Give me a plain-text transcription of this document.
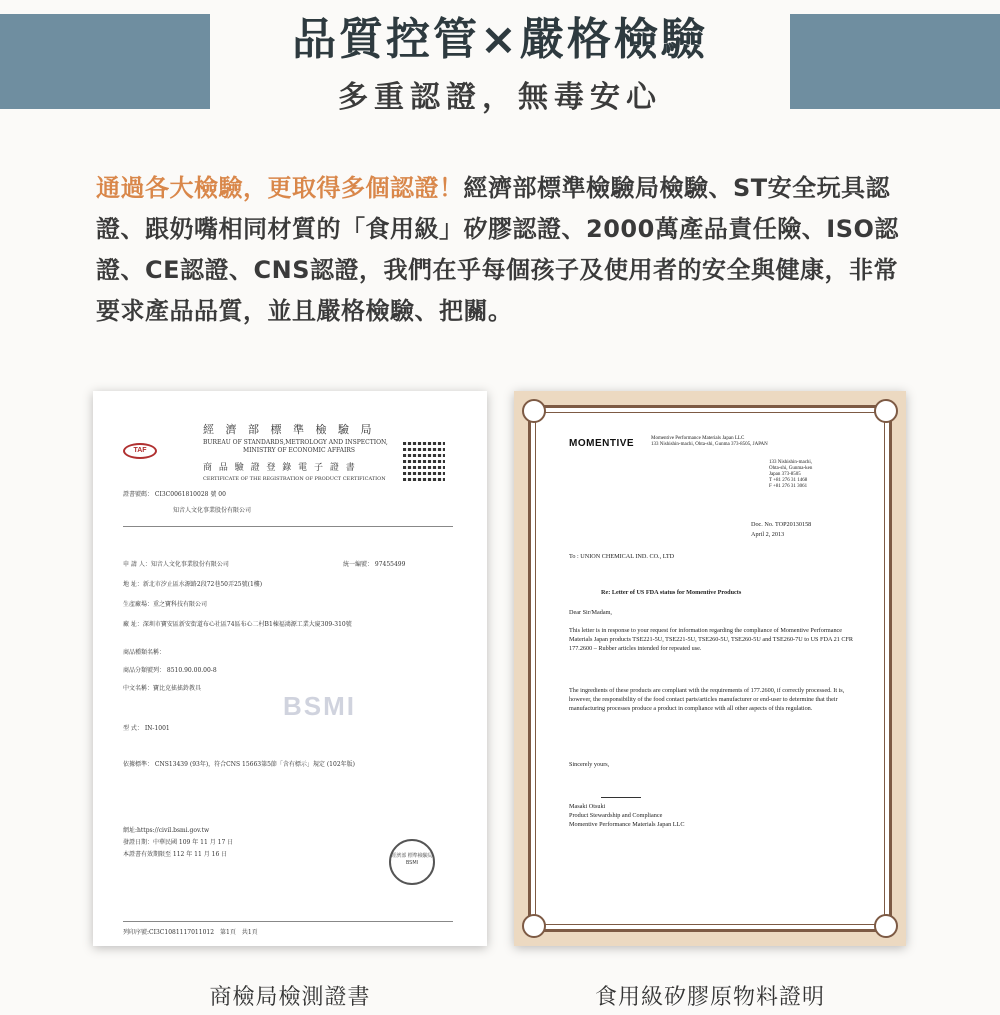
品質控管×嚴格檢驗
多重認證，無毒安心

通過各大檢驗，更取得多個認證！經濟部標準檢驗局檢驗、ST安全玩具認證、跟奶嘴相同材質的「食用級」矽膠認證、2000萬產品責任險、ISO認證、CE認證、CNS認證，我們在乎每個孩子及使用者的安全與健康，非常要求產品品質，並且嚴格檢驗、把關。

經 濟 部 標 準 檢 驗 局
BUREAU OF STANDARDS,METROLOGY AND INSPECTION,
MINISTRY OF ECONOMIC AFFAIRS
TAF
商 品 驗 證 登 錄 電 子 證 書
CERTIFICATE OF THE REGISTRATION OF PRODUCT CERTIFICATION
證書號碼： CI3C0061810028 號 00
知音人文化事業股份有限公司
申 請 人：知音人文化事業股份有限公司	統一編號： 97455499
地 址：新北市汐止區水源路2段72巷50弄25號(1樓)
生產廠場：重之寶科技有限公司
廠 址：深圳市寶安區新安街道布心社區74區布心二村B1棟福鴻源工業大廈309-310號
商品種類名稱：
商品分類號列： 8510.90.00.00-8
中文名稱：寶比克搖搖鈴教具
BSMI
型 式： IN-1001
依據標準： CNS13439 (93年)，符合CNS 15663第5節「含有標示」規定 (102年版)
網址:https://civil.bsmi.gov.tw
發證日期：中華民國 109 年 11 月 17 日
本證書有效期限至 112 年 11 月 16 日	經濟部 標準檢驗局 BSMI
列印序號:CI3C1081117011012　第1頁　共1頁
MOMENTIVE	Momentive Performance Materials Japan LLC
133 Nishishin-machi, Ohta-shi, Gunma 373-8505, JAPAN
133 Nishishin-machi,
Ohta-shi, Gunma-ken
Japan 373-8505
T +81 276 31 1468
F +81 276 31 3061
Doc. No. TOP20130158
April 2, 2013
To : UNION CHEMICAL IND. CO., LTD
Re: Letter of US FDA status for Momentive Products
Dear Sir/Madam,
This letter is in response to your request for information regarding the compliance of Momentive Performance Materials Japan products TSE221-5U, TSE221-5U, TSE260-5U, TSE260-5U and TSE260-7U to US FDA 21 CFR 177.2600 – Rubber articles intended for repeated use.
The ingredients of these products are compliant with the requirements of 177.2600, if correctly processed. It is, however, the responsibility of the food contact parts/articles manufacturer or end-user to determine that their manufacturing processes produce a product in compliance with all other aspects of this regulation.
Sincerely yours,
Masaki Otsuki
Product Stewardship and Compliance
Momentive Performance Materials Japan LLC
商檢局檢測證書	食用級矽膠原物料證明
